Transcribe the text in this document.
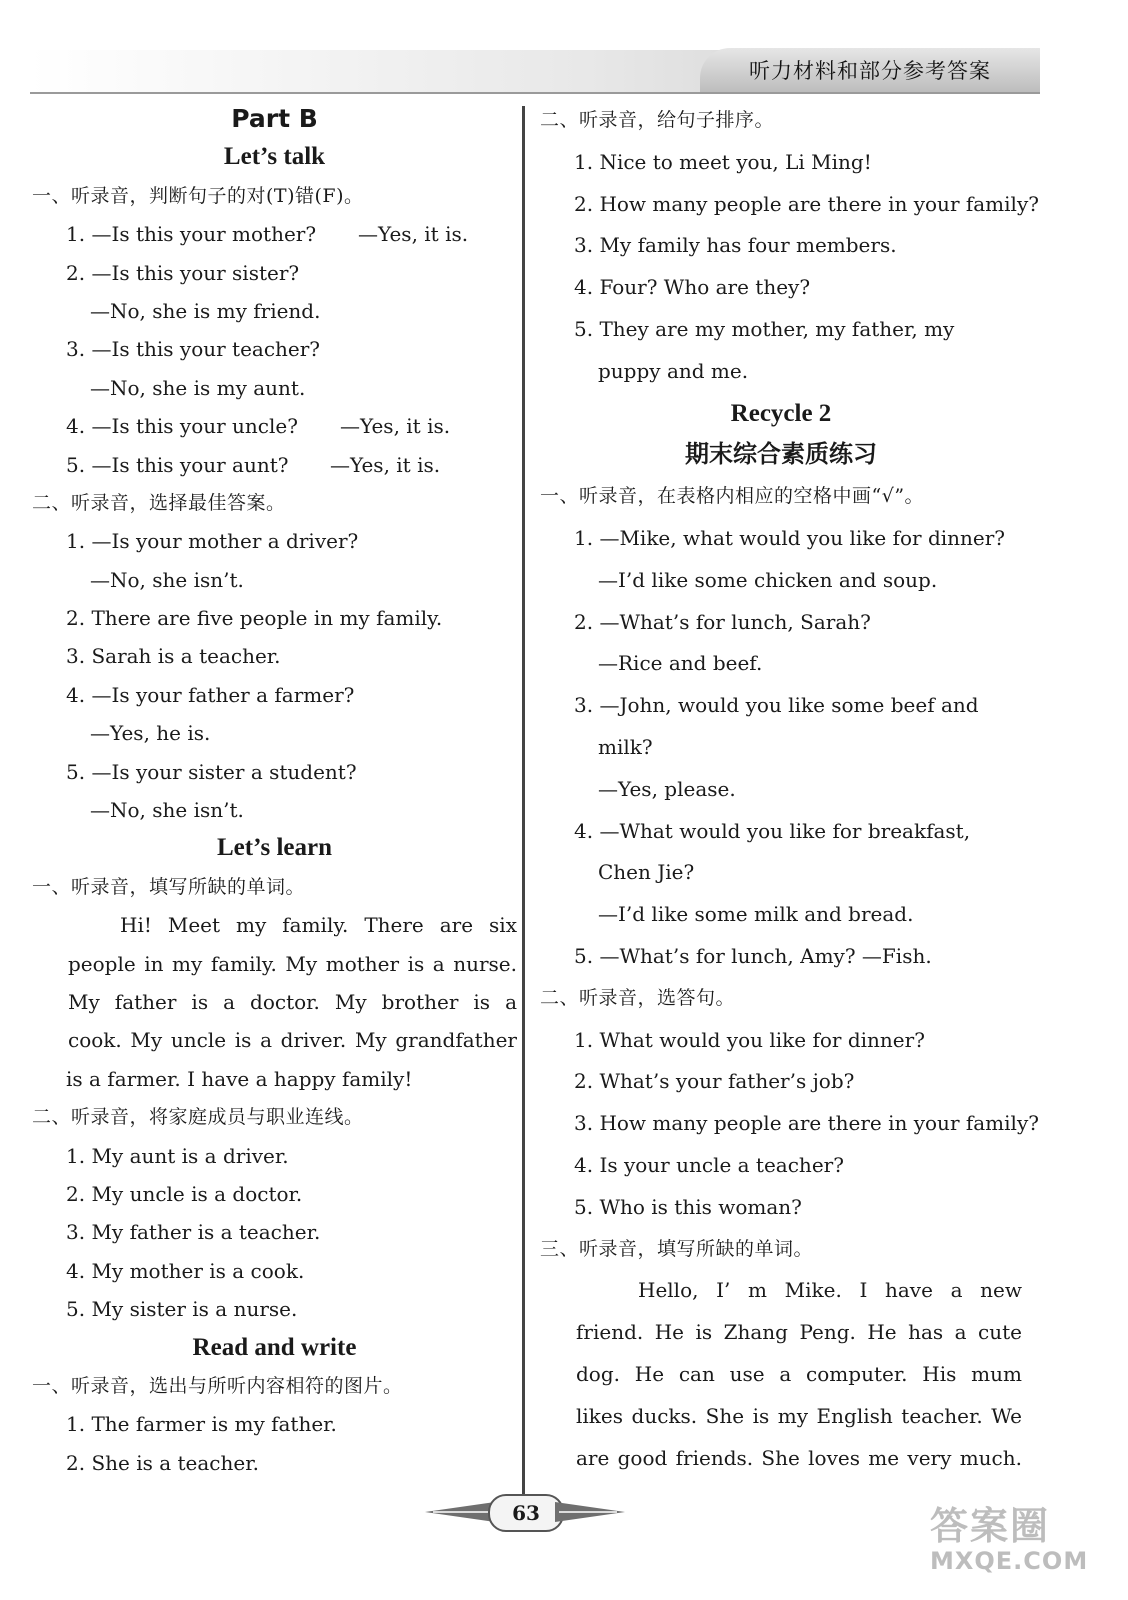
听力材料和部分参考答案
Part B
Let’s talk
一、听录音，判断句子的对(T)错(F)。
1. —Is this your mother?	—Yes, it is.
2. —Is this your sister?
—No, she is my friend.
3. —Is this your teacher?
—No, she is my aunt.
4. —Is this your uncle?	—Yes, it is.
5. —Is this your aunt?	—Yes, it is.
二、听录音，选择最佳答案。
1. —Is your mother a driver?
—No, she isn’t.
2. There are five people in my family.
3. Sarah is a teacher.
4. —Is your father a farmer?
—Yes, he is.
5. —Is your sister a student?
—No, she isn’t.
Let’s learn
一、听录音，填写所缺的单词。
Hi! Meet my family. There are six
people in my family. My mother is a nurse.
My father is a doctor. My brother is a
cook. My uncle is a driver. My grandfather
is a farmer. I have a happy family!
二、听录音，将家庭成员与职业连线。
1. My aunt is a driver.
2. My uncle is a doctor.
3. My father is a teacher.
4. My mother is a cook.
5. My sister is a nurse.
Read and write
一、听录音，选出与所听内容相符的图片。
1. The farmer is my father.
2. She is a teacher.
二、听录音，给句子排序。
1. Nice to meet you, Li Ming!
2. How many people are there in your family?
3. My family has four members.
4. Four? Who are they?
5. They are my mother, my father, my
puppy and me.
Recycle 2
期末综合素质练习
一、听录音，在表格内相应的空格中画“√”。
1. —Mike, what would you like for dinner?
—I’d like some chicken and soup.
2. —What’s for lunch, Sarah?
—Rice and beef.
3. —John, would you like some beef and
milk?
—Yes, please.
4. —What would you like for breakfast,
Chen Jie?
—I’d like some milk and bread.
5. —What’s for lunch, Amy? —Fish.
二、听录音，选答句。
1. What would you like for dinner?
2. What’s your father’s job?
3. How many people are there in your family?
4. Is your uncle a teacher?
5. Who is this woman?
三、听录音，填写所缺的单词。
Hello, I’ m Mike. I have a new
friend. He is Zhang Peng. He has a cute
dog. He can use a computer. His mum
likes ducks. She is my English teacher. We
are good friends. She loves me very much.
63	答案圈
MXQE.COM
